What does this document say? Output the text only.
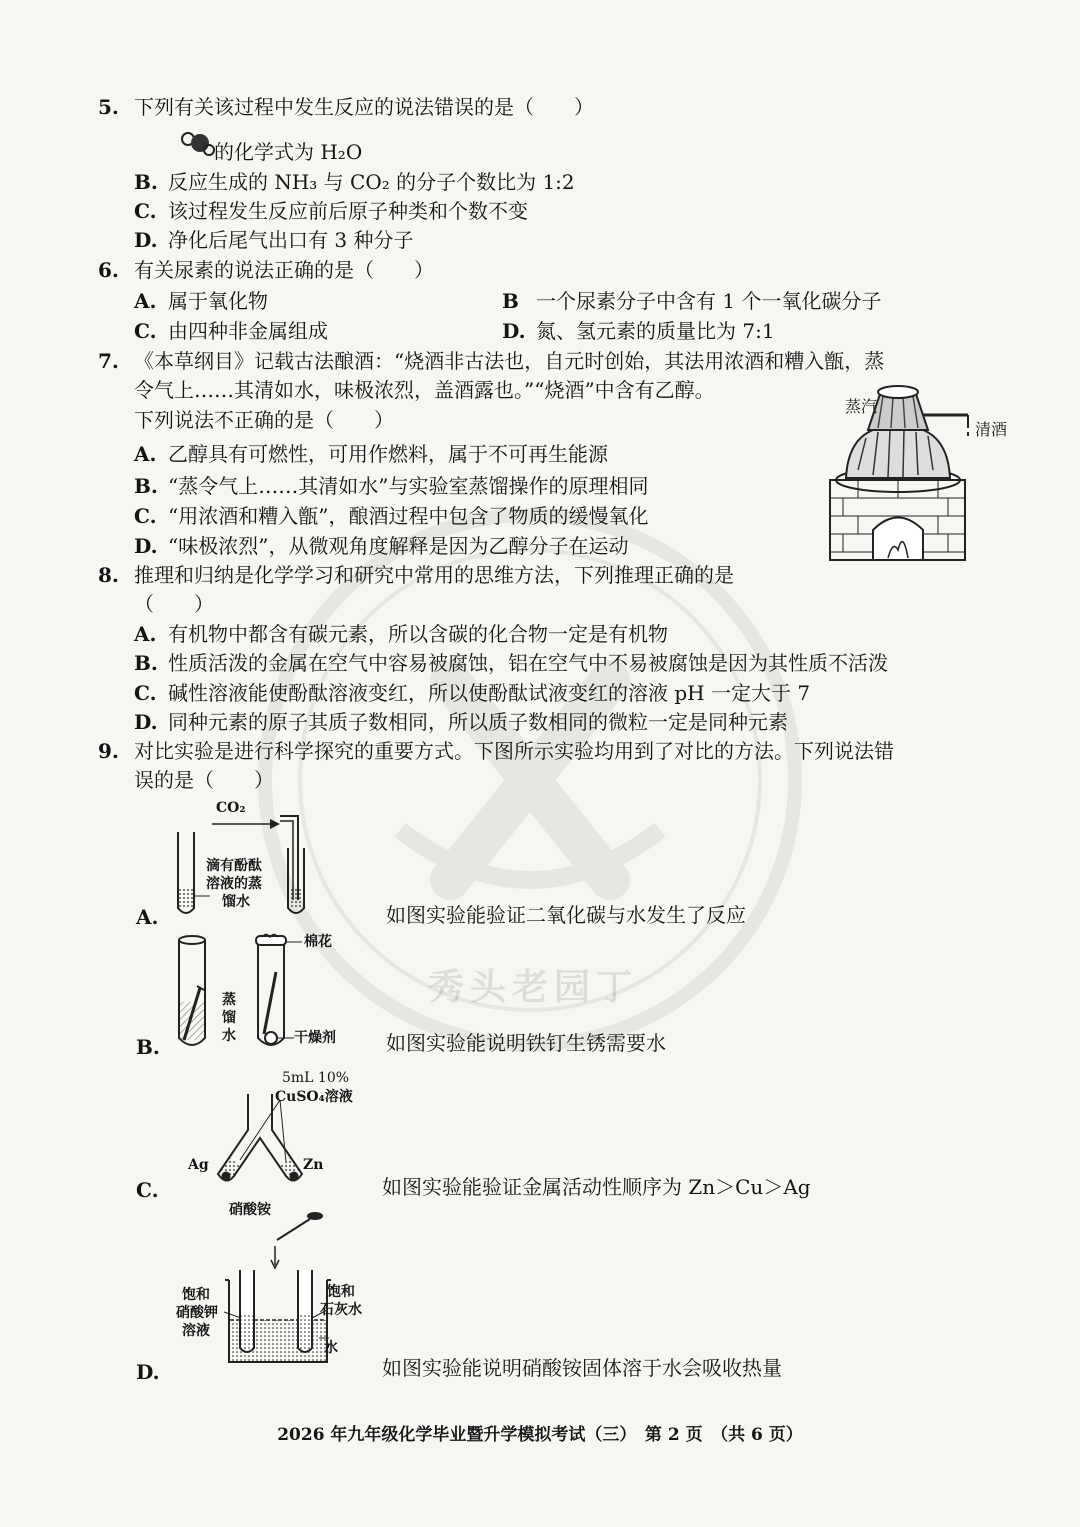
秀头老园丁
5. 下列有关该过程中发生反应的说法错误的是（　　）
的化学式为 H₂O
B. 反应生成的 NH₃ 与 CO₂ 的分子个数比为 1:2
C. 该过程发生反应前后原子种类和个数不变
D. 净化后尾气出口有 3 种分子
6. 有关尿素的说法正确的是（　　）
A. 属于氧化物	B 一个尿素分子中含有 1 个一氧化碳分子
C. 由四种非金属组成	D. 氮、氢元素的质量比为 7:1
7. 《本草纲目》记载古法酿酒：“烧酒非古法也，自元时创始，其法用浓酒和糟入甑，蒸
令气上……其清如水，味极浓烈，盖酒露也。”“烧酒”中含有乙醇。
下列说法不正确的是（　　）
A. 乙醇具有可燃性，可用作燃料，属于不可再生能源
B. “蒸令气上……其清如水”与实验室蒸馏操作的原理相同
C. “用浓酒和糟入甑”，酿酒过程中包含了物质的缓慢氧化
D. “味极浓烈”，从微观角度解释是因为乙醇分子在运动
蒸汽
清酒
8. 推理和归纳是化学学习和研究中常用的思维方法，下列推理正确的是
（　　）
A. 有机物中都含有碳元素，所以含碳的化合物一定是有机物
B. 性质活泼的金属在空气中容易被腐蚀，铝在空气中不易被腐蚀是因为其性质不活泼
C. 碱性溶液能使酚酞溶液变红，所以使酚酞试液变红的溶液 pH 一定大于 7
D. 同种元素的原子其质子数相同，所以质子数相同的微粒一定是同种元素
9. 对比实验是进行科学探究的重要方式。下图所示实验均用到了对比的方法。下列说法错
误的是（　　）
CO₂
滴有酚酞
溶液的蒸
馏水
A.	如图实验能验证二氧化碳与水发生了反应
棉花
蒸
馏
水	干燥剂
B.	如图实验能说明铁钉生锈需要水
5mL 10%
CuSO₄溶液
Ag	Zn
C.	如图实验能验证金属活动性顺序为 Zn＞Cu＞Ag
硝酸铵
饱和
硝酸钾
溶液
饱和
石灰水
水
D.	如图实验能说明硝酸铵固体溶于水会吸收热量
2026 年九年级化学毕业暨升学模拟考试（三）　第 2 页　（共 6 页）
